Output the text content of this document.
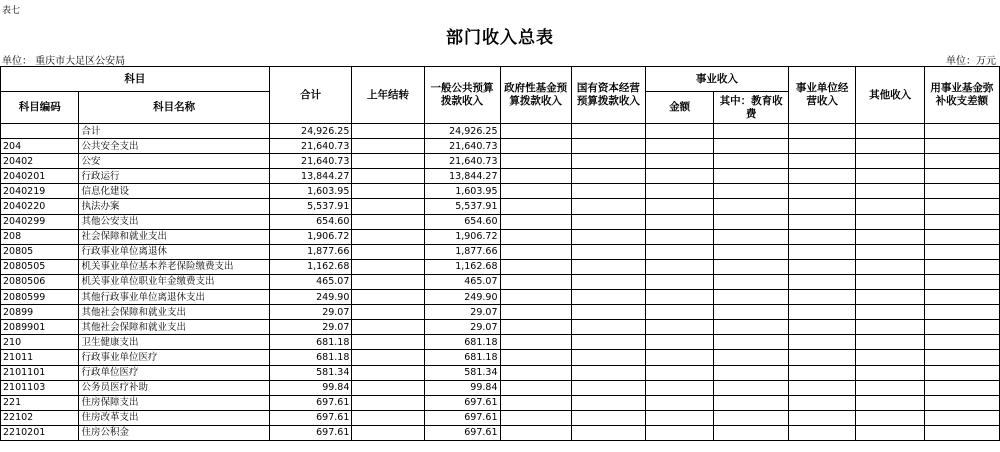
表七
部门收入总表
单位： 重庆市大足区公安局	单位：万元
科目		合计	上年结转	一般公共预算拨款收入	政府性基金预算拨款收入	国有资本经营预算拨款收入	事业收入		事业单位经营收入	其他收入	用事业基金弥补收支差额
科目编码	科目名称						金额	其中：教育收费			
	合计	24,926.25		24,926.25							
204	公共安全支出	21,640.73		21,640.73							
20402	公安	21,640.73		21,640.73							
2040201	行政运行	13,844.27		13,844.27							
2040219	信息化建设	1,603.95		1,603.95							
2040220	执法办案	5,537.91		5,537.91							
2040299	其他公安支出	654.60		654.60							
208	社会保障和就业支出	1,906.72		1,906.72							
20805	行政事业单位离退休	1,877.66		1,877.66							
2080505	机关事业单位基本养老保险缴费支出	1,162.68		1,162.68							
2080506	机关事业单位职业年金缴费支出	465.07		465.07							
2080599	其他行政事业单位离退休支出	249.90		249.90							
20899	其他社会保障和就业支出	29.07		29.07							
2089901	其他社会保障和就业支出	29.07		29.07							
210	卫生健康支出	681.18		681.18							
21011	行政事业单位医疗	681.18		681.18							
2101101	行政单位医疗	581.34		581.34							
2101103	公务员医疗补助	99.84		99.84							
221	住房保障支出	697.61		697.61							
22102	住房改革支出	697.61		697.61							
2210201	住房公积金	697.61		697.61							
